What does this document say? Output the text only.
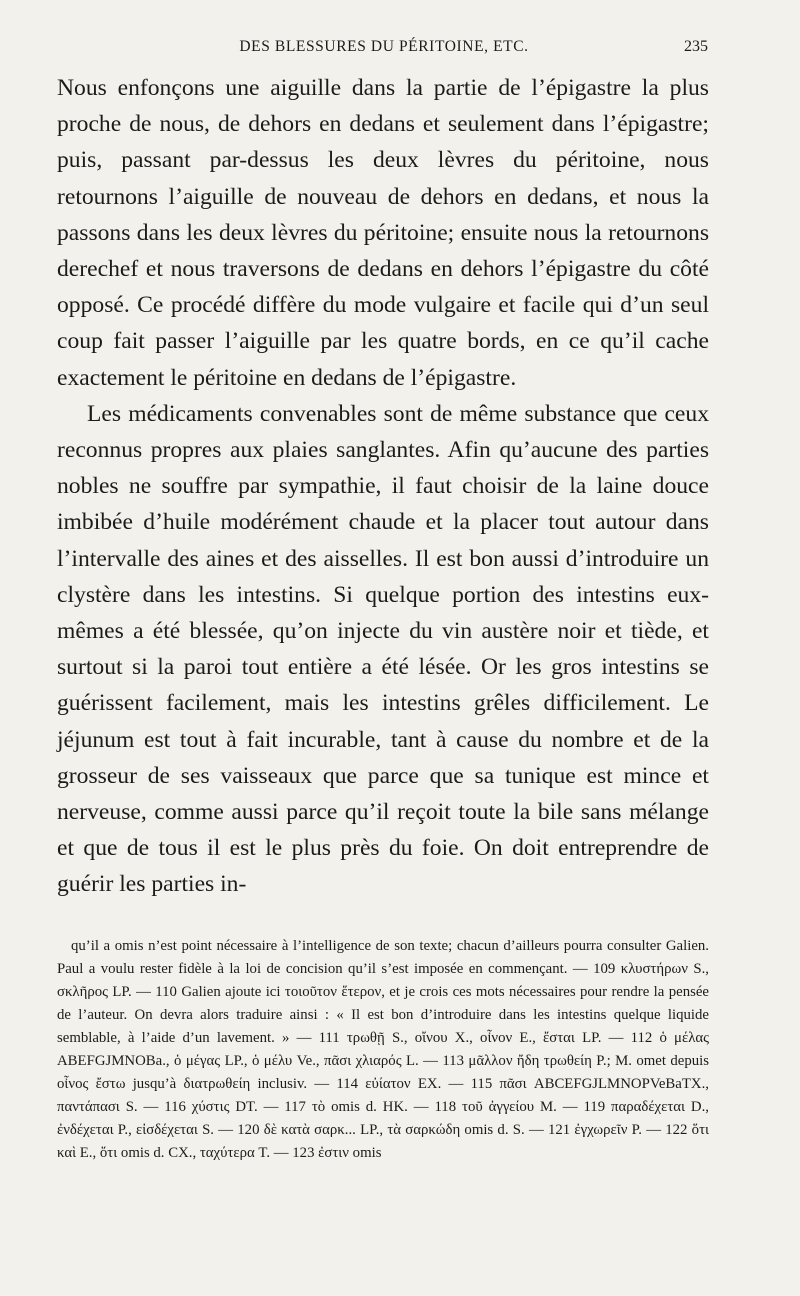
DES BLESSURES DU PÉRITOINE, ETC.	235

Nous enfonçons une aiguille dans la partie de l’épigastre la plus proche de nous, de dehors en dedans et seulement dans l’épigastre; puis, passant par-dessus les deux lèvres du péritoine, nous retournons l’aiguille de nouveau de dehors en dedans, et nous la passons dans les deux lèvres du péritoine; ensuite nous la retournons derechef et nous traversons de dedans en dehors l’épigastre du côté opposé. Ce procédé diffère du mode vulgaire et facile qui d’un seul coup fait passer l’aiguille par les quatre bords, en ce qu’il cache exactement le péritoine en dedans de l’épigastre.

Les médicaments convenables sont de même substance que ceux reconnus propres aux plaies sanglantes. Afin qu’aucune des parties nobles ne souffre par sympathie, il faut choisir de la laine douce imbibée d’huile modérément chaude et la placer tout autour dans l’intervalle des aines et des aisselles. Il est bon aussi d’introduire un clystère dans les intestins. Si quelque portion des intestins eux-mêmes a été blessée, qu’on injecte du vin austère noir et tiède, et surtout si la paroi tout entière a été lésée. Or les gros intestins se guérissent facilement, mais les intestins grêles difficilement. Le jéjunum est tout à fait incurable, tant à cause du nombre et de la grosseur de ses vaisseaux que parce que sa tunique est mince et nerveuse, comme aussi parce qu’il reçoit toute la bile sans mélange et que de tous il est le plus près du foie. On doit entreprendre de guérir les parties in-

qu’il a omis n’est point nécessaire à l’intelligence de son texte; chacun d’ailleurs pourra consulter Galien. Paul a voulu rester fidèle à la loi de concision qu’il s’est imposée en commençant. — 109 κλυστήρων S., σκλῆρος LP. — 110 Galien ajoute ici τοιοῦτον ἕτερον, et je crois ces mots nécessaires pour rendre la pensée de l’auteur. On devra alors traduire ainsi : « Il est bon d’introduire dans les intestins quelque liquide semblable, à l’aide d’un lavement. » — 111 τρωθῇ S., οἴνου X., οἶνον E., ἔσται LP. — 112 ὁ μέλας ABEFGJMNOBa., ὁ μέγας LP., ὁ μέλυ Ve., πᾶσι χλιαρός L. — 113 μᾶλλον ἤδη τρωθείη P.; M. omet depuis οἶνος ἔστω jusqu’à διατρωθείη inclusiv. — 114 εὐίατον EX. — 115 πᾶσι ABCEFGJLMNOPVeBaTX., παντάπασι S. — 116 χύστις DT. — 117 τὸ omis d. HK. — 118 τοῦ ἀγγείου M. — 119 παραδέχεται D., ἐνδέχεται P., εἰσδέχεται S. — 120 δὲ κατὰ σαρκ... LP., τὰ σαρκώδη omis d. S. — 121 ἐγχωρεῖν P. — 122 ὅτι καὶ E., ὅτι omis d. CX., ταχύτερα T. — 123 ἐστιν omis
